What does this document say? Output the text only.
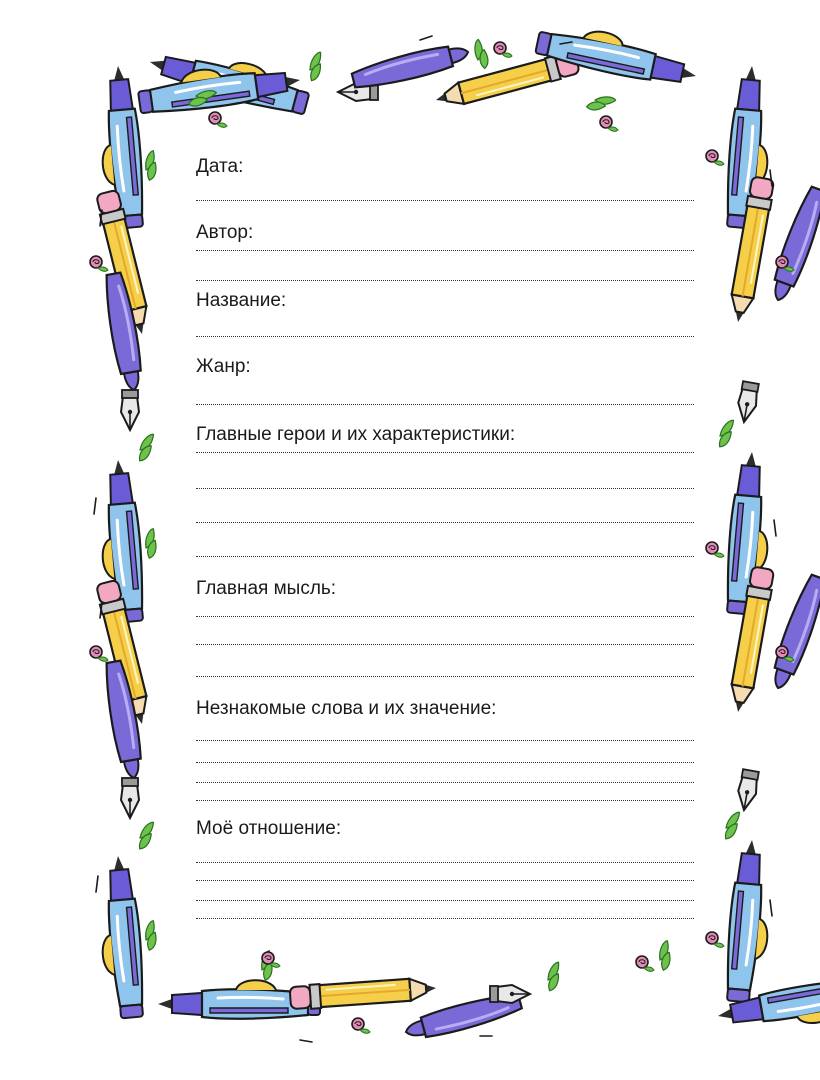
Дата:
Автор:
Название:
Жанр:
Главные герои и их характеристики:
Главная мысль:
Незнакомые слова и их значение:
Моё отношение:
